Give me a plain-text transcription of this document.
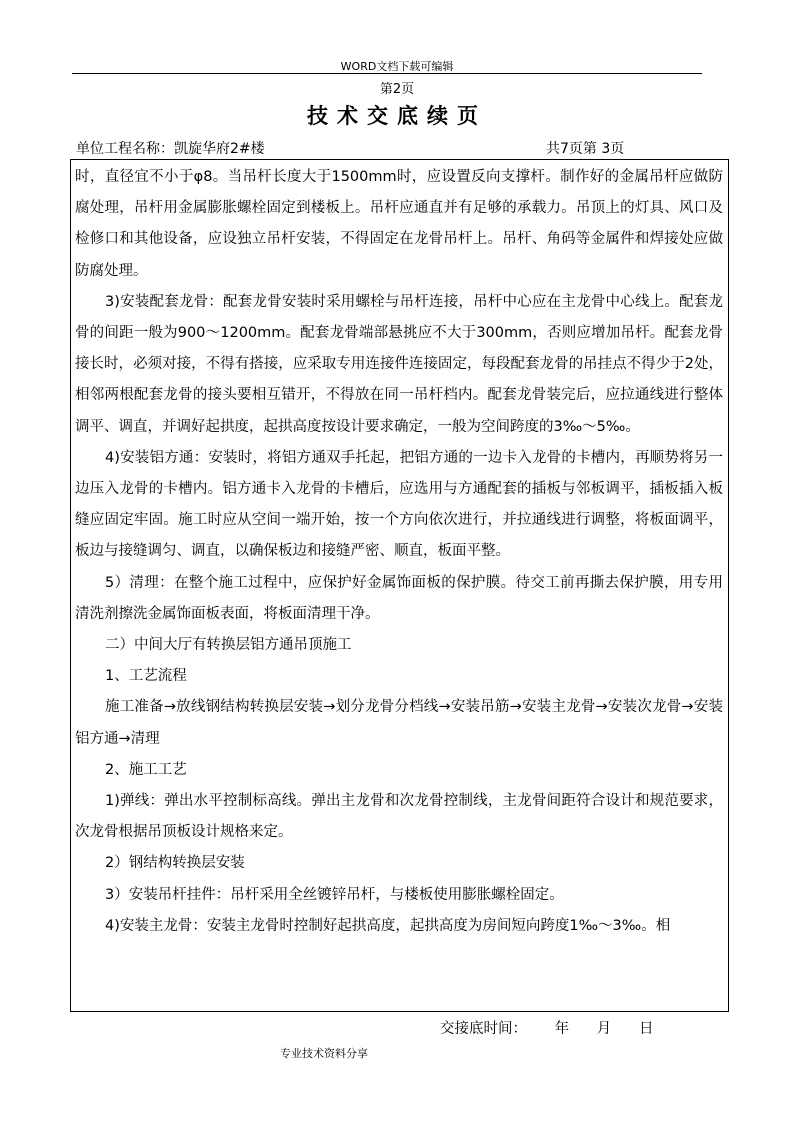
WORD文档下载可编辑
第2页
技术交底续页
单位工程名称：凯旋华府2#楼	共7页第 3页

时，直径宜不小于φ8。当吊杆长度大于1500mm时，应设置反向支撑杆。制作好的金属吊杆应做防腐处理，吊杆用金属膨胀螺栓固定到楼板上。吊杆应通直并有足够的承载力。吊顶上的灯具、风口及检修口和其他设备，应设独立吊杆安装，不得固定在龙骨吊杆上。吊杆、角码等金属件和焊接处应做防腐处理。

3)安装配套龙骨：配套龙骨安装时采用螺栓与吊杆连接，吊杆中心应在主龙骨中心线上。配套龙骨的间距一般为900～1200mm。配套龙骨端部悬挑应不大于300mm，否则应增加吊杆。配套龙骨接长时，必须对接，不得有搭接，应采取专用连接件连接固定，每段配套龙骨的吊挂点不得少于2处，相邻两根配套龙骨的接头要相互错开，不得放在同一吊杆档内。配套龙骨装完后，应拉通线进行整体调平、调直，并调好起拱度，起拱高度按设计要求确定，一般为空间跨度的3‰～5‰。

4)安装铝方通：安装时，将铝方通双手托起，把铝方通的一边卡入龙骨的卡槽内，再顺势将另一边压入龙骨的卡槽内。铝方通卡入龙骨的卡槽后，应选用与方通配套的插板与邻板调平，插板插入板缝应固定牢固。施工时应从空间一端开始，按一个方向依次进行，并拉通线进行调整，将板面调平，板边与接缝调匀、调直，以确保板边和接缝严密、顺直，板面平整。

5）清理：在整个施工过程中，应保护好金属饰面板的保护膜。待交工前再撕去保护膜，用专用清洗剂擦洗金属饰面板表面，将板面清理干净。

二）中间大厅有转换层铝方通吊顶施工

1、工艺流程

施工准备→放线钢结构转换层安装→划分龙骨分档线→安装吊筋→安装主龙骨→安装次龙骨→安装铝方通→清理

2、施工工艺

1)弹线：弹出水平控制标高线。弹出主龙骨和次龙骨控制线，主龙骨间距符合设计和规范要求，次龙骨根据吊顶板设计规格来定。

2）钢结构转换层安装

3）安装吊杆挂件：吊杆采用全丝镀锌吊杆，与楼板使用膨胀螺栓固定。

4)安装主龙骨：安装主龙骨时控制好起拱高度，起拱高度为房间短向跨度1‰～3‰。相

交接底时间：      年      月      日
专业技术资料分享
